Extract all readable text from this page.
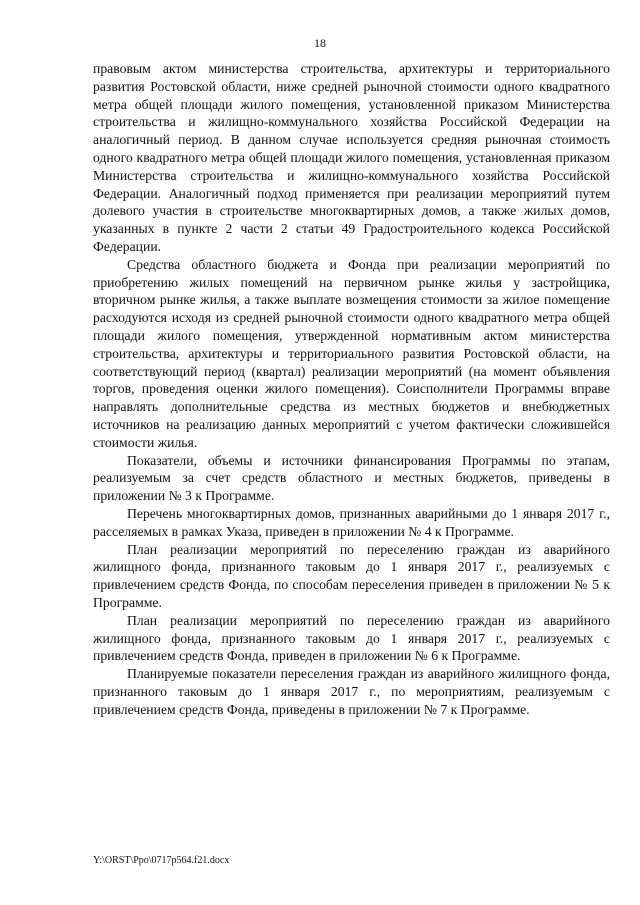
18

правовым актом министерства строительства, архитектуры и территориального развития Ростовской области, ниже средней рыночной стоимости одного квадратного метра общей площади жилого помещения, установленной приказом Министерства строительства и жилищно-коммунального хозяйства Российской Федерации на аналогичный период. В данном случае используется средняя рыночная стоимость одного квадратного метра общей площади жилого помещения, установленная приказом Министерства строительства и жилищно-коммунального хозяйства Российской Федерации. Аналогичный подход применяется при реализации мероприятий путем долевого участия в строительстве многоквартирных домов, а также жилых домов, указанных в пункте 2 части 2 статьи 49 Градостроительного кодекса Российской Федерации.

Средства областного бюджета и Фонда при реализации мероприятий по приобретению жилых помещений на первичном рынке жилья у застройщика, вторичном рынке жилья, а также выплате возмещения стоимости за жилое помещение расходуются исходя из средней рыночной стоимости одного квадратного метра общей площади жилого помещения, утвержденной нормативным актом министерства строительства, архитектуры и территориального развития Ростовской области, на соответствующий период (квартал) реализации мероприятий (на момент объявления торгов, проведения оценки жилого помещения). Соисполнители Программы вправе направлять дополнительные средства из местных бюджетов и внебюджетных источников на реализацию данных мероприятий с учетом фактически сложившейся стоимости жилья.

Показатели, объемы и источники финансирования Программы по этапам, реализуемым за счет средств областного и местных бюджетов, приведены в приложении № 3 к Программе.

Перечень многоквартирных домов, признанных аварийными до 1 января 2017 г., расселяемых в рамках Указа, приведен в приложении № 4 к Программе.

План реализации мероприятий по переселению граждан из аварийного жилищного фонда, признанного таковым до 1 января 2017 г., реализуемых с привлечением средств Фонда, по способам переселения приведен в приложении № 5 к Программе.

План реализации мероприятий по переселению граждан из аварийного жилищного фонда, признанного таковым до 1 января 2017 г., реализуемых с привлечением средств Фонда, приведен в приложении № 6 к Программе.

Планируемые показатели переселения граждан из аварийного жилищного фонда, признанного таковым до 1 января 2017 г., по мероприятиям, реализуемым с привлечением средств Фонда, приведены в приложении № 7 к Программе.

Y:\ORST\Ppo\0717p564.f21.docx
